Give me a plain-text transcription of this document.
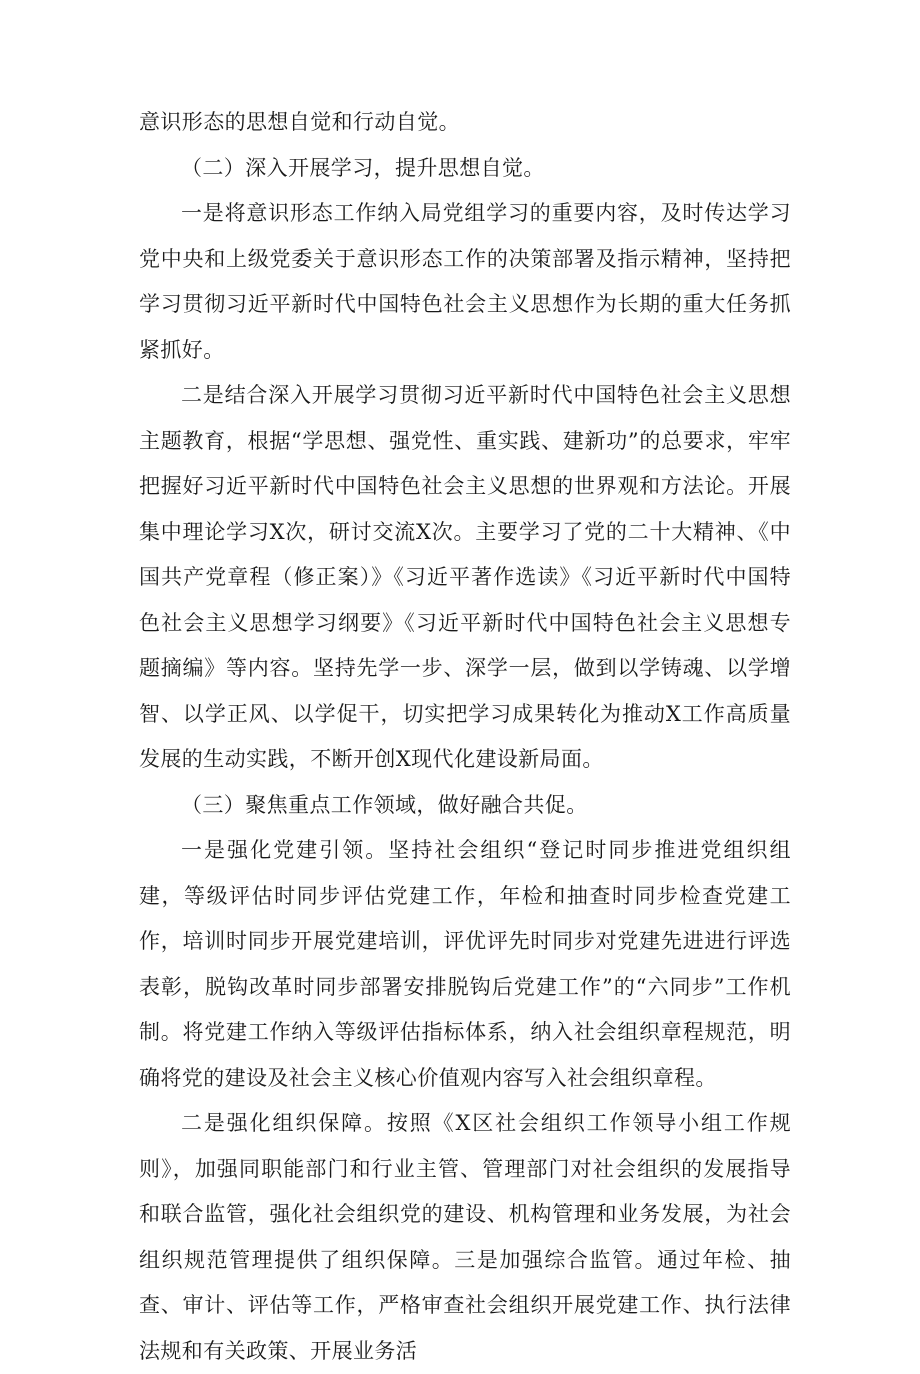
意识形态的思想自觉和行动自觉。

（二）深入开展学习，提升思想自觉。

一是将意识形态工作纳入局党组学习的重要内容，及时传达学习党中央和上级党委关于意识形态工作的决策部署及指示精神，坚持把学习贯彻习近平新时代中国特色社会主义思想作为长期的重大任务抓紧抓好。

二是结合深入开展学习贯彻习近平新时代中国特色社会主义思想主题教育，根据“学思想、强党性、重实践、建新功”的总要求，牢牢把握好习近平新时代中国特色社会主义思想的世界观和方法论。开展集中理论学习X次，研讨交流X次。主要学习了党的二十大精神、《中国共产党章程（修正案）》《习近平著作选读》《习近平新时代中国特色社会主义思想学习纲要》《习近平新时代中国特色社会主义思想专题摘编》等内容。坚持先学一步、深学一层，做到以学铸魂、以学增智、以学正风、以学促干，切实把学习成果转化为推动X工作高质量发展的生动实践，不断开创X现代化建设新局面。

（三）聚焦重点工作领域，做好融合共促。

一是强化党建引领。坚持社会组织“登记时同步推进党组织组建，等级评估时同步评估党建工作，年检和抽查时同步检查党建工作，培训时同步开展党建培训，评优评先时同步对党建先进进行评选表彰，脱钩改革时同步部署安排脱钩后党建工作”的“六同步”工作机制。将党建工作纳入等级评估指标体系，纳入社会组织章程规范，明确将党的建设及社会主义核心价值观内容写入社会组织章程。

二是强化组织保障。按照《X区社会组织工作领导小组工作规则》，加强同职能部门和行业主管、管理部门对社会组织的发展指导和联合监管，强化社会组织党的建设、机构管理和业务发展，为社会组织规范管理提供了组织保障。三是加强综合监管。通过年检、抽查、审计、评估等工作，严格审查社会组织开展党建工作、执行法律法规和有关政策、开展业务活
